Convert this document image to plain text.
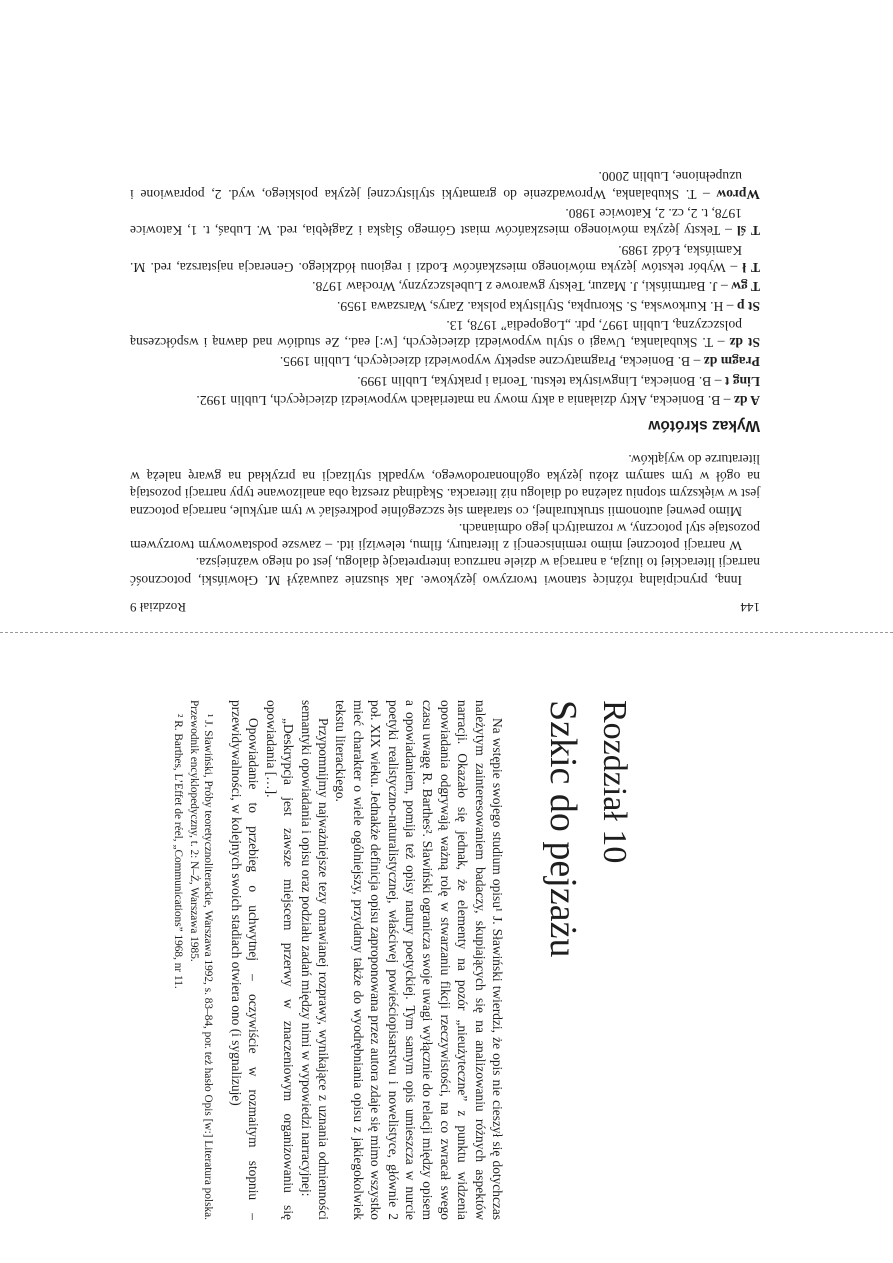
144
Rozdział 9

Inną, pryncipialną różnicę stanowi tworzywo językowe. Jak słusznie zauważył M. Głowiński, potoczność narracji literackiej to iluzja, a narracja w dziele narrzuca interpretację dialogu, jest od niego ważniejsza.

W narracji potocznej mimo reminiscencji z literatury, filmu, telewizji itd. – zawsze podstawowym tworzywem pozostaje styl potoczny, w rozmaitych jego odmianach.

Mimo pewnej autonomii strukturalnej, co starałam się szczególnie podkreślać w tym artykule, narracja potoczna jest w większym stopniu zależna od dialogu niż literacka. Skądinąd zresztą oba analizowane typy narracji pozostają na ogół w tym samym złożu języka ogólnonarodowego, wypadki stylizacji na przykład na gwarę należą w literaturze do wyjątków.

Wykaz skrótów

A dz – B. Boniecka, Akty działania a akty mowy na materiałach wypowiedzi dziecięcych, Lublin 1992.

Ling t – B. Boniecka, Lingwistyka tekstu. Teoria i praktyka, Lublin 1999.

Pragm dz – B. Boniecka, Pragmatyczne aspekty wypowiedzi dziecięcych, Lublin 1995.

St dz – T. Skubalanka, Uwagi o stylu wypowiedzi dziecięcych, [w:] ead., Ze studiów nad dawną i współczesną polszczyzną, Lublin 1997, pdr. „Logopedia” 1978, 13.

St p – H. Kurkowska, S. Skorupka, Stylistyka polska. Zarys, Warszawa 1959.

T gw – J. Bartmiński, J. Mazur, Teksty gwarowe z Lubelszczyzny, Wrocław 1978.

T ł – Wybór tekstów języka mówionego mieszkańców Łodzi i regionu łódzkiego. Generacja najstarsza, red. M. Kamińska, Łódź 1989.

T śl – Teksty języka mówionego mieszkańców miast Górnego Śląska i Zagłębia, red. W. Lubaś, t. 1, Katowice 1978, t. 2, cz. 2, Katowice 1980.

Wprow – T. Skubalanka, Wprowadzenie do gramatyki stylistycznej języka polskiego, wyd. 2, poprawione i uzupełnione, Lublin 2000.

Rozdział 10

Szkic do pejzażu

Na wstępie swojego studium opisu¹ J. Sławiński twierdzi, że opis nie cieszył się dotychczas należytym zainteresowaniem badaczy, skupiających się na analizowaniu różnych aspektów narracji. Okazało się jednak, że elementy na pozór „nieużyteczne” z punktu widzenia opowiadania odgrywają ważną rolę w stwarzaniu fikcji rzeczywistości, na co zwracał swego czasu uwagę R. Barthes². Sławiński ogranicza swoje uwagi wyłącznie do relacji między opisem a opowiadaniem, pomija też opisy natury poetyckiej. Tym samym opis umieszcza w nurcie poetyki realistyczno-naturalistycznej, właściwej powieściopisarstwu i nowelistyce, głównie 2 poł. XIX wieku. Jednakże definicja opisu zaproponowana przez autora zdaje się mimo wszystko mieć charakter o wiele ogólniejszy, przydatny także do wyodrębniania opisu z jakiegokolwiek tekstu literackiego.

Przypomnijmy najważniejsze tezy omawianej rozprawy, wynikające z uznania odmienności semantyki opowiadania i opisu oraz podziału zadań między nimi w wypowiedzi narracyjnej:

„Deskrypcja jest zawsze miejscem przerwy w znaczeniowym organizowaniu się opowiadania […].

Opowiadanie to przebieg o uchwytnej – oczywiście w rozmaitym stopniu – przewidywalności, w kolejnych swoich stadiach otwiera ono (i sygnalizuje)

¹ J. Sławiński, Próby teoretycznoliterackie, Warszawa 1992, s. 83–84, por. też hasło Opis [w:] Literatura polska. Przewodnik encyklopedyczny, t. 2: N–Ż, Warszawa 1985.

² R. Barthes, L’Effet de réel, „Communications” 1968, nr 11.
